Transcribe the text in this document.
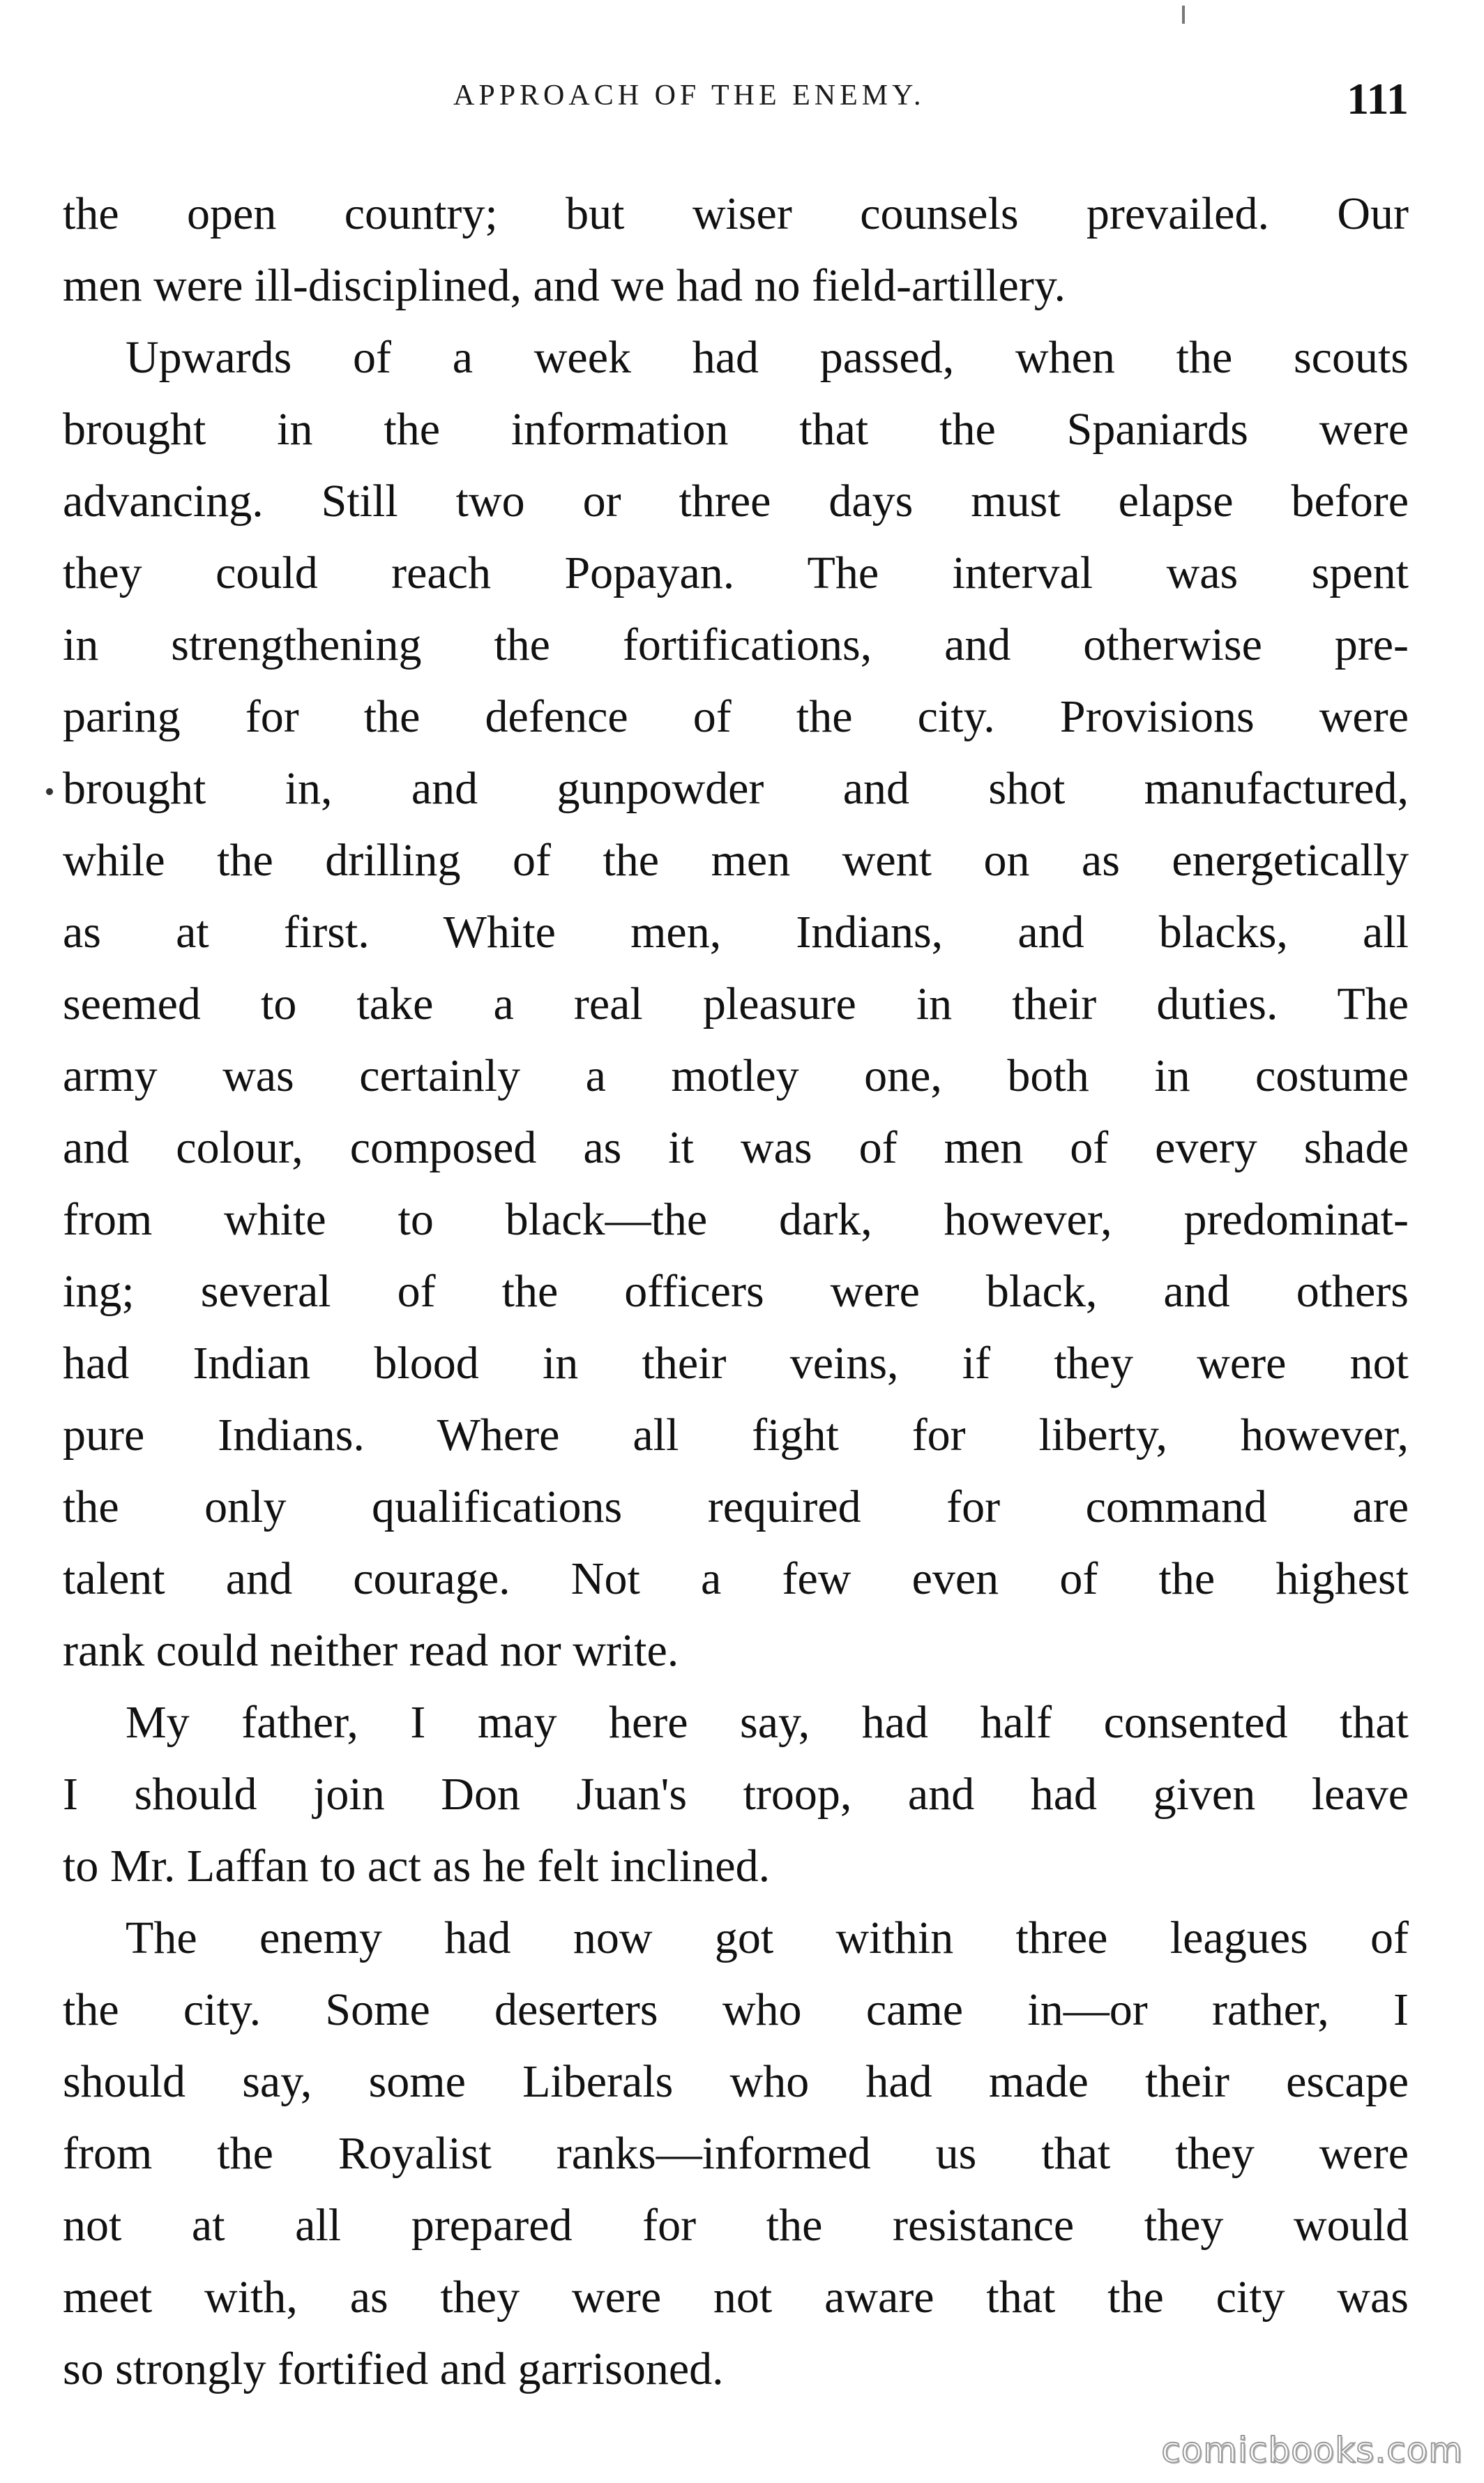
APPROACH OF THE ENEMY.	111
the open country; but wiser counsels prevailed. Our
men were ill-disciplined, and we had no field-artillery.
Upwards of a week had passed, when the scouts
brought in the information that the Spaniards were
advancing. Still two or three days must elapse before
they could reach Popayan. The interval was spent
in strengthening the fortifications, and otherwise pre-
paring for the defence of the city. Provisions were
brought in, and gunpowder and shot manufactured,
while the drilling of the men went on as energetically
as at first. White men, Indians, and blacks, all
seemed to take a real pleasure in their duties. The
army was certainly a motley one, both in costume
and colour, composed as it was of men of every shade
from white to black—the dark, however, predominat-
ing; several of the officers were black, and others
had Indian blood in their veins, if they were not
pure Indians. Where all fight for liberty, however,
the only qualifications required for command are
talent and courage. Not a few even of the highest
rank could neither read nor write.
My father, I may here say, had half consented that
I should join Don Juan's troop, and had given leave
to Mr. Laffan to act as he felt inclined.
The enemy had now got within three leagues of
the city. Some deserters who came in—or rather, I
should say, some Liberals who had made their escape
from the Royalist ranks—informed us that they were
not at all prepared for the resistance they would
meet with, as they were not aware that the city was
so strongly fortified and garrisoned.
comicbooks.com
